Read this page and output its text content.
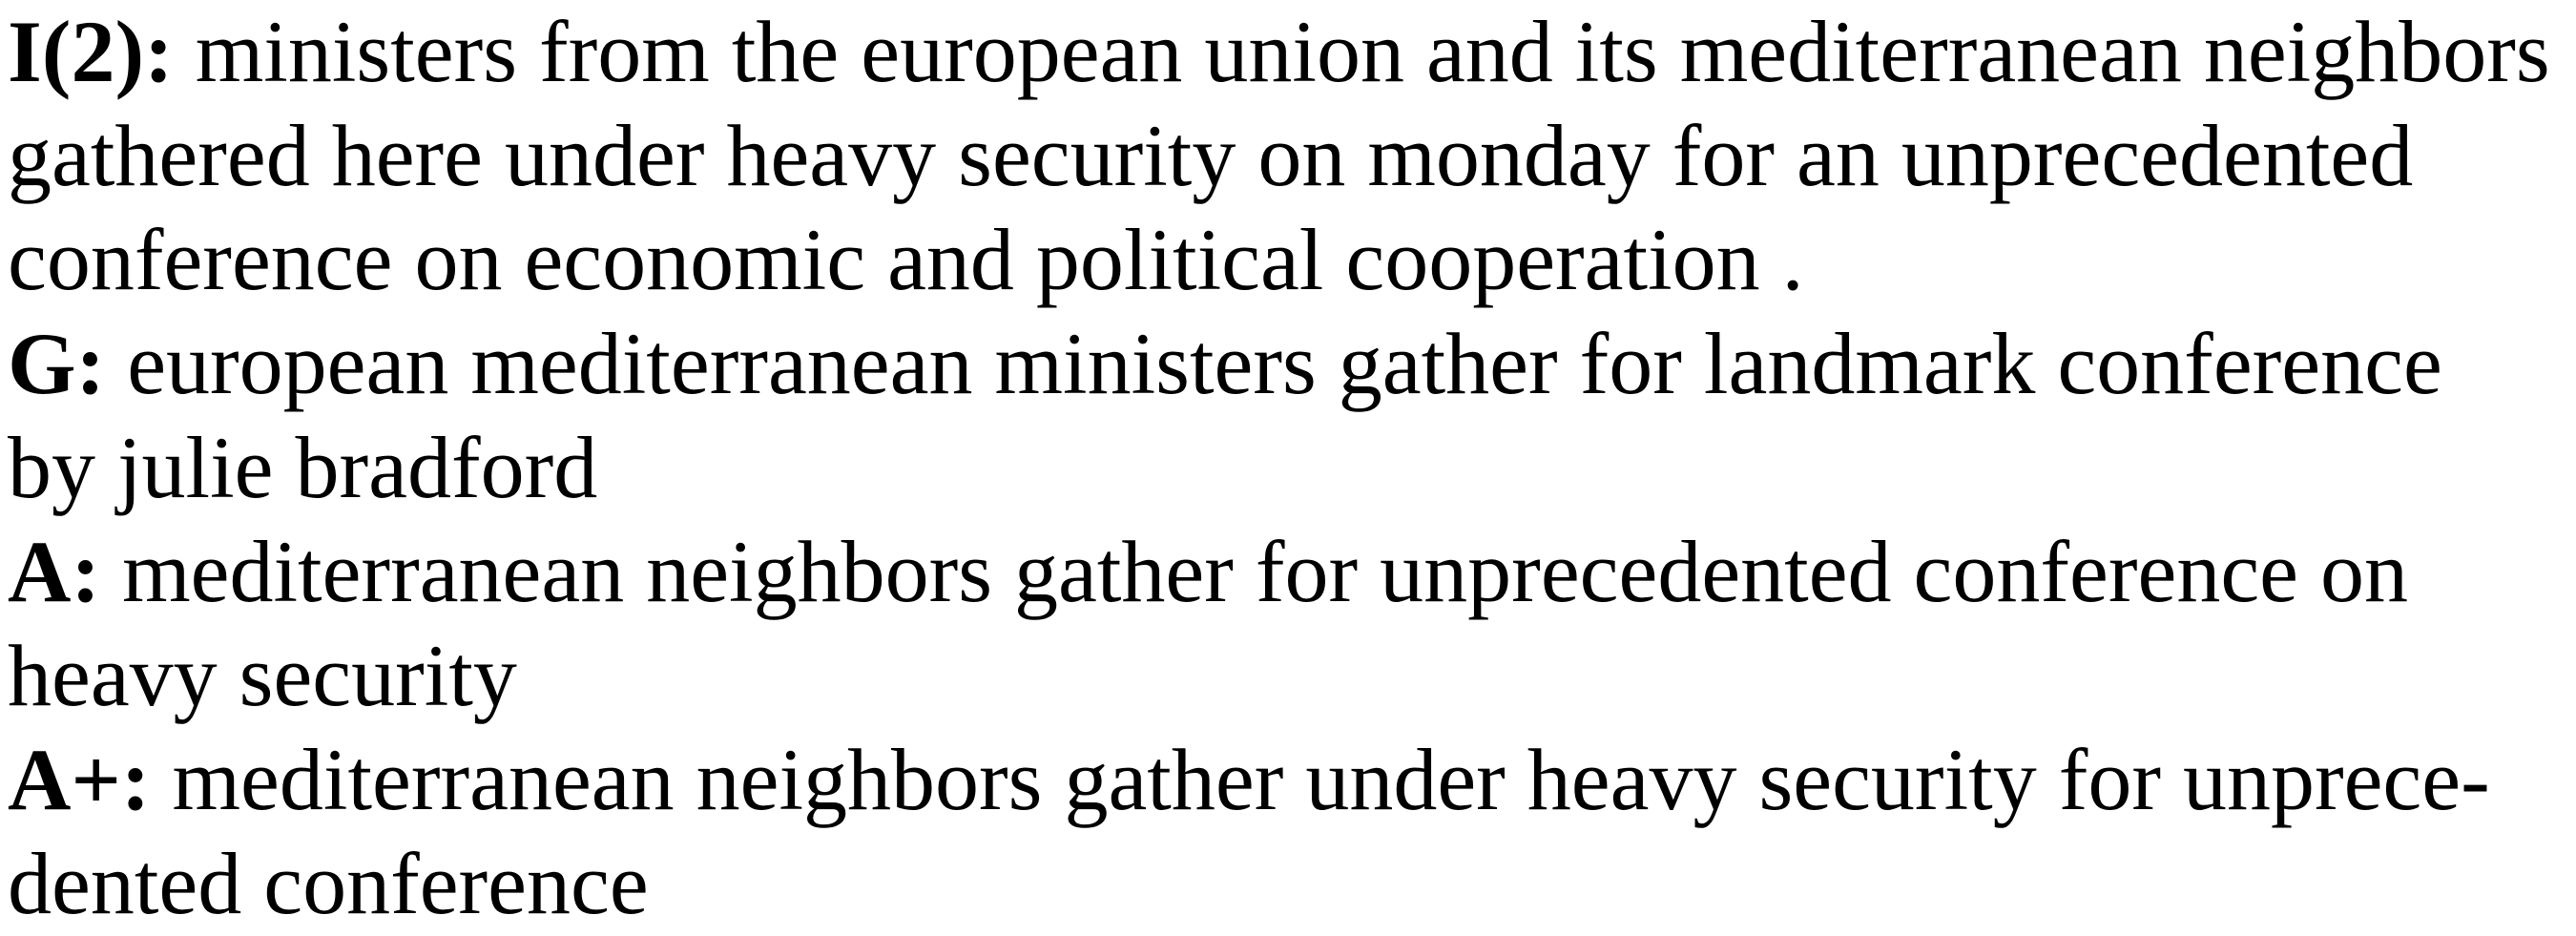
I(2): ministers from the european union and its mediterranean neighbors
gathered here under heavy security on monday for an unprecedented
conference on economic and political cooperation .
G: european mediterranean ministers gather for landmark conference
by julie bradford
A: mediterranean neighbors gather for unprecedented conference on
heavy security
A+: mediterranean neighbors gather under heavy security for unprece-
dented conference
